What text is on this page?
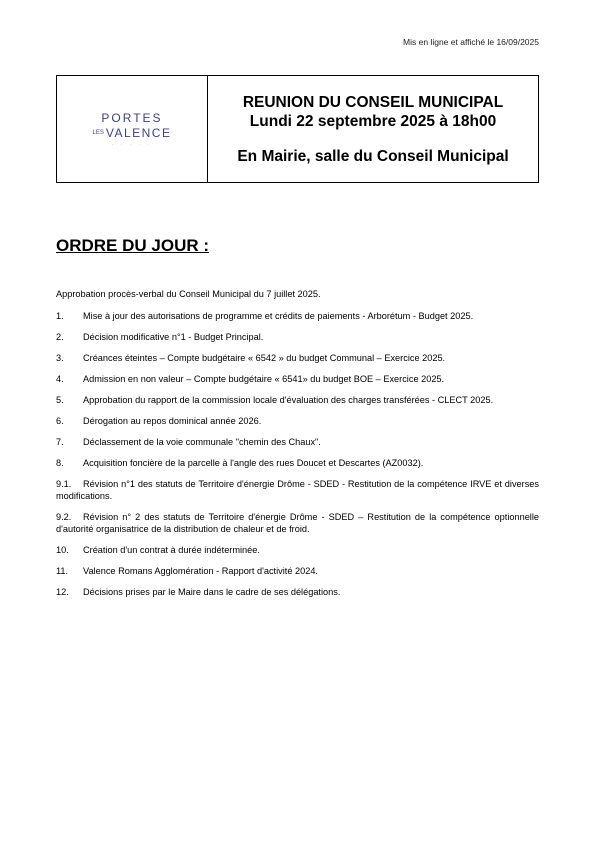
Mis en ligne et affiché le 16/09/2025
PORTES
LES VALENCE
· · · · ·
REUNION DU CONSEIL MUNICIPAL
Lundi 22 septembre 2025 à 18h00
En Mairie, salle du Conseil Municipal
ORDRE DU JOUR :

Approbation procès-verbal du Conseil Municipal du 7 juillet 2025.

1. Mise à jour des autorisations de programme et crédits de paiements - Arborétum - Budget 2025.

2. Décision modificative n°1 - Budget Principal.

3. Créances éteintes – Compte budgétaire « 6542 » du budget Communal – Exercice 2025.

4. Admission en non valeur – Compte budgétaire « 6541» du budget BOE – Exercice 2025.

5. Approbation du rapport de la commission locale d'évaluation des charges transférées - CLECT 2025.

6. Dérogation au repos dominical année 2026.

7. Déclassement de la voie communale "chemin des Chaux".

8. Acquisition foncière de la parcelle à l'angle des rues Doucet et Descartes (AZ0032).

9.1. Révision n°1 des statuts de Territoire d'énergie Drôme - SDED - Restitution de la compétence IRVE et diverses modifications.

9.2. Révision n° 2 des statuts de Territoire d'énergie Drôme - SDED – Restitution de la compétence optionnelle d'autorité organisatrice de la distribution de chaleur et de froid.

10. Création d'un contrat à durée indéterminée.

11. Valence Romans Agglomération - Rapport d'activité 2024.

12. Décisions prises par le Maire dans le cadre de ses délégations.
